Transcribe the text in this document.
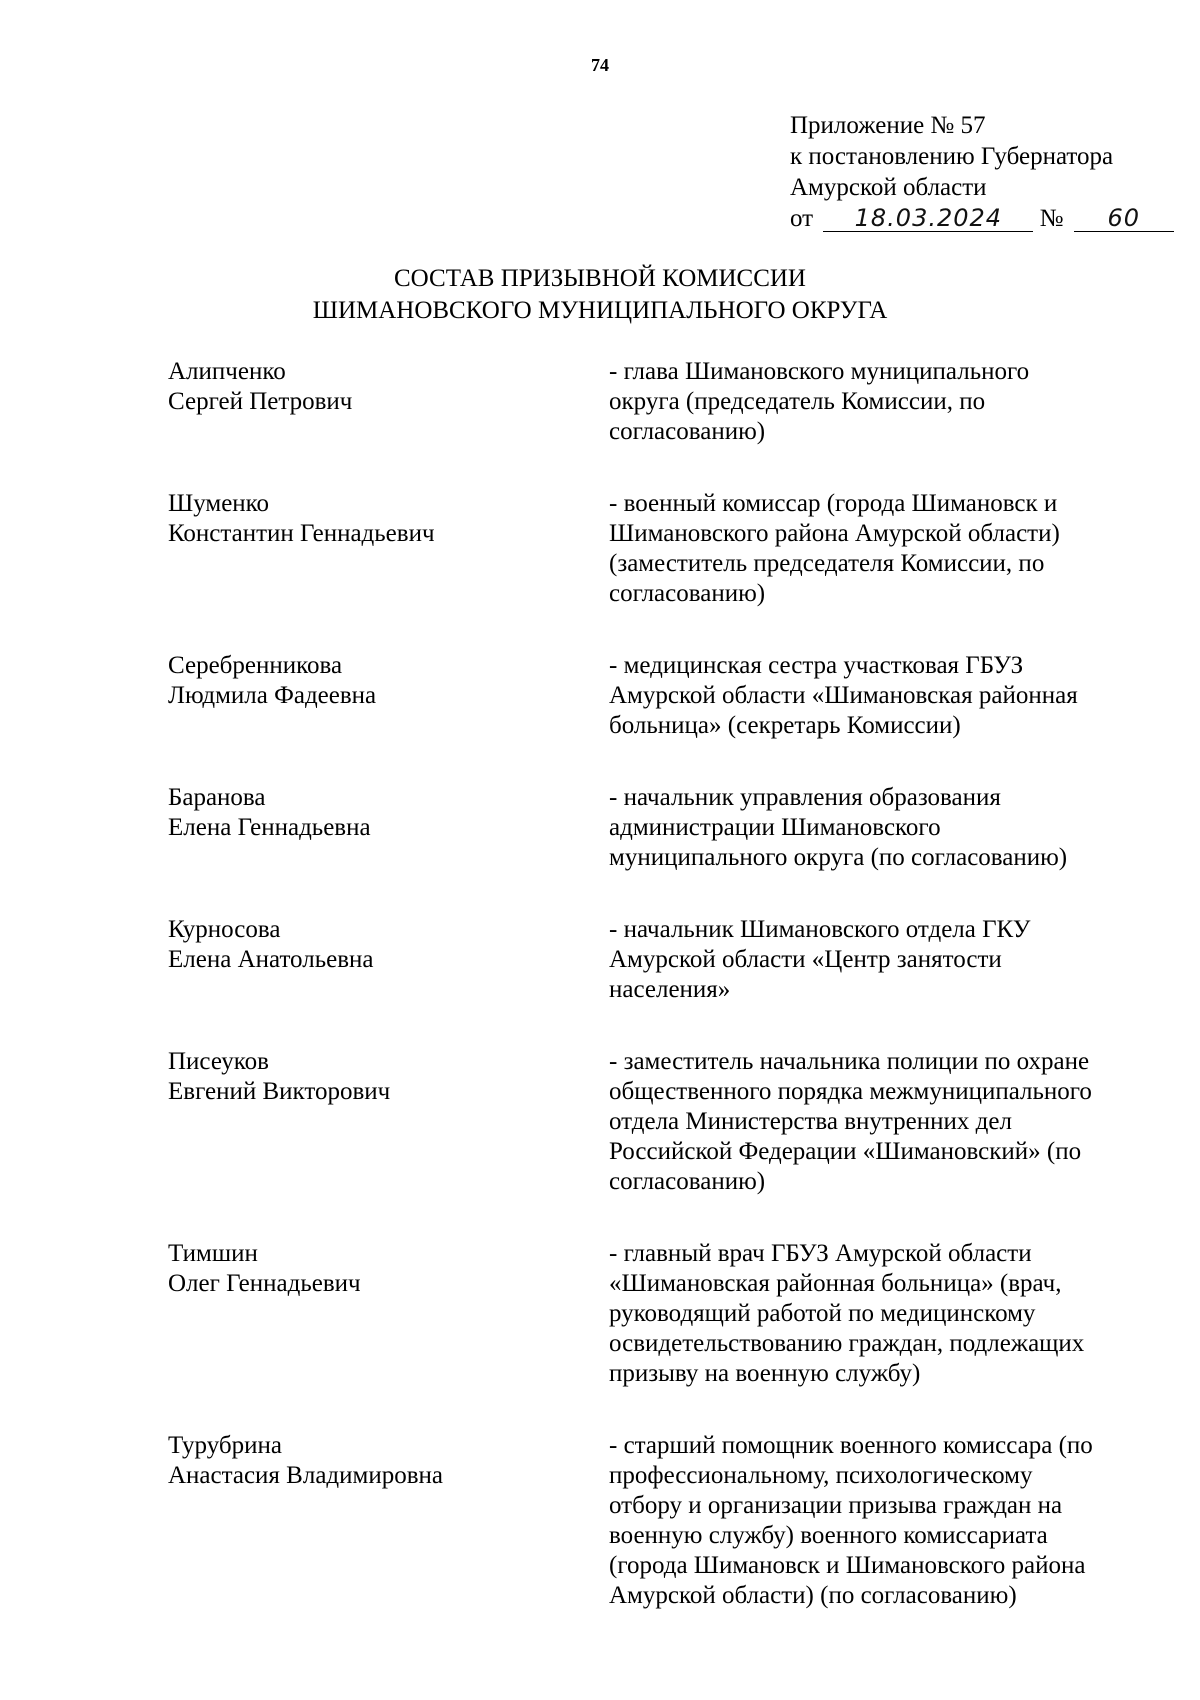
74
Приложение № 57
к постановлению Губернатора
Амурской области
от 18.03.2024 № 60
СОСТАВ ПРИЗЫВНОЙ КОМИССИИ
ШИМАНОВСКОГО МУНИЦИПАЛЬНОГО ОКРУГА
Алипченко
Сергей Петрович
- глава Шимановского муниципального
округа (председатель Комиссии, по
согласованию)
Шуменко
Константин Геннадьевич
- военный комиссар (города Шимановск и
Шимановского района Амурской области)
(заместитель председателя Комиссии, по
согласованию)
Серебренникова
Людмила Фадеевна
- медицинская сестра участковая ГБУЗ
Амурской области «Шимановская районная
больница» (секретарь Комиссии)
Баранова
Елена Геннадьевна
- начальник управления образования
администрации Шимановского
муниципального округа (по согласованию)
Курносова
Елена Анатольевна
- начальник Шимановского отдела ГКУ
Амурской области «Центр занятости
населения»
Писеуков
Евгений Викторович
- заместитель начальника полиции по охране
общественного порядка межмуниципального
отдела Министерства внутренних дел
Российской Федерации «Шимановский» (по
согласованию)
Тимшин
Олег Геннадьевич
- главный врач ГБУЗ Амурской области
«Шимановская районная больница» (врач,
руководящий работой по медицинскому
освидетельствованию граждан, подлежащих
призыву на военную службу)
Турубрина
Анастасия Владимировна
- старший помощник военного комиссара (по
профессиональному, психологическому
отбору и организации призыва граждан на
военную службу) военного комиссариата
(города Шимановск и Шимановского района
Амурской области) (по согласованию)
